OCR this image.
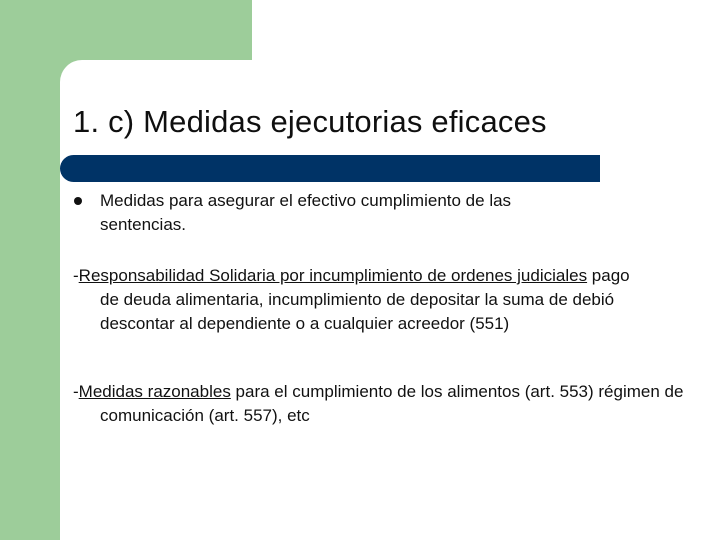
1. c) Medidas ejecutorias eficaces
Medidas para asegurar el efectivo cumplimiento de las
sentencias.
-Responsabilidad Solidaria por incumplimiento de ordenes judiciales pago de deuda alimentaria, incumplimiento de depositar la suma de debió descontar al dependiente o a cualquier acreedor (551)
-Medidas razonables para el cumplimiento de los alimentos (art. 553) régimen de comunicación (art. 557), etc
